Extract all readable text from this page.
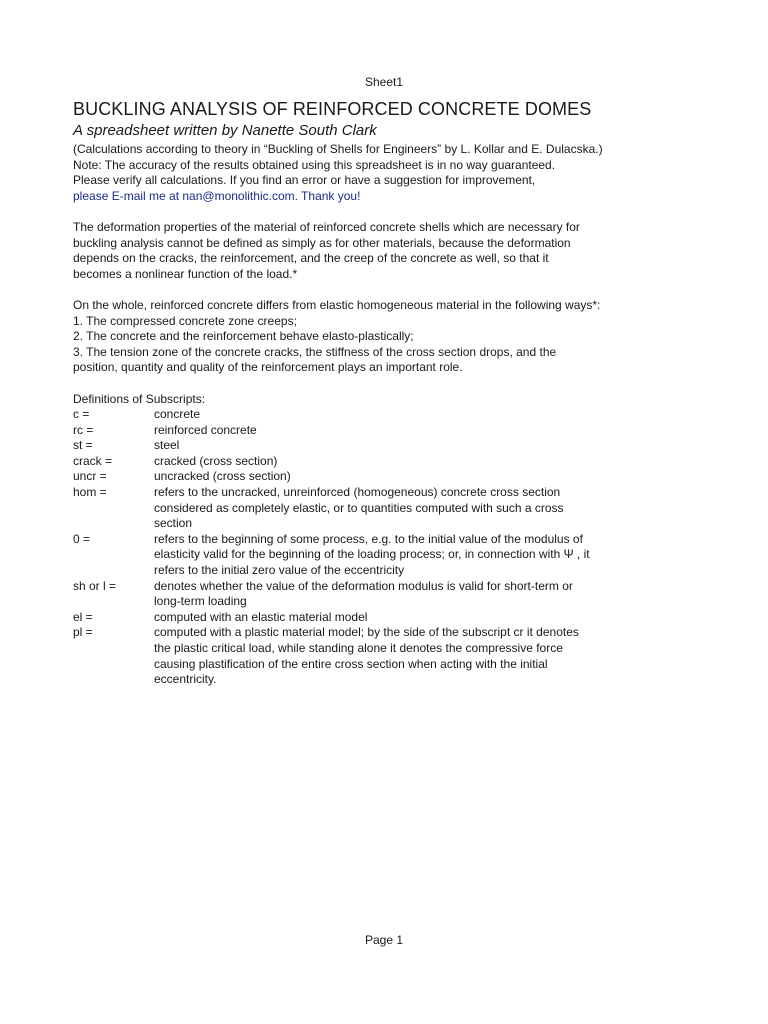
Sheet1
BUCKLING ANALYSIS OF REINFORCED CONCRETE DOMES

A spreadsheet written by Nanette South Clark

(Calculations according to theory in “Buckling of Shells for Engineers” by L. Kollar and E. Dulacska.)

Note: The accuracy of the results obtained using this spreadsheet is in no way guaranteed.

Please verify all calculations. If you find an error or have a suggestion for improvement,

please E-mail me at nan@monolithic.com. Thank you!

The deformation properties of the material of reinforced concrete shells which are necessary for

buckling analysis cannot be defined as simply as for other materials, because the deformation

depends on the cracks, the reinforcement, and the creep of the concrete as well, so that it

becomes a nonlinear function of the load.*

On the whole, reinforced concrete differs from elastic homogeneous material in the following ways*:

1. The compressed concrete zone creeps;

2. The concrete and the reinforcement behave elasto-plastically;

3. The tension zone of the concrete cracks, the stiffness of the cross section drops, and the

position, quantity and quality of the reinforcement plays an important role.

Definitions of Subscripts:

c =	concrete
rc =	reinforced concrete
st =	steel
crack =	cracked (cross section)
uncr =	uncracked (cross section)
hom =	refers to the uncracked, unreinforced (homogeneous) concrete cross section
considered as completely elastic, or to quantities computed with such a cross
section
0 =	refers to the beginning of some process, e.g. to the initial value of the modulus of
elasticity valid for the beginning of the loading process; or, in connection with Ψ , it
refers to the initial zero value of the eccentricity
sh or l =	denotes whether the value of the deformation modulus is valid for short-term or
long-term loading
el =	computed with an elastic material model
pl =	computed with a plastic material model; by the side of the subscript cr it denotes
the plastic critical load, while standing alone it denotes the compressive force
causing plastification of the entire cross section when acting with the initial
eccentricity.
Page 1
